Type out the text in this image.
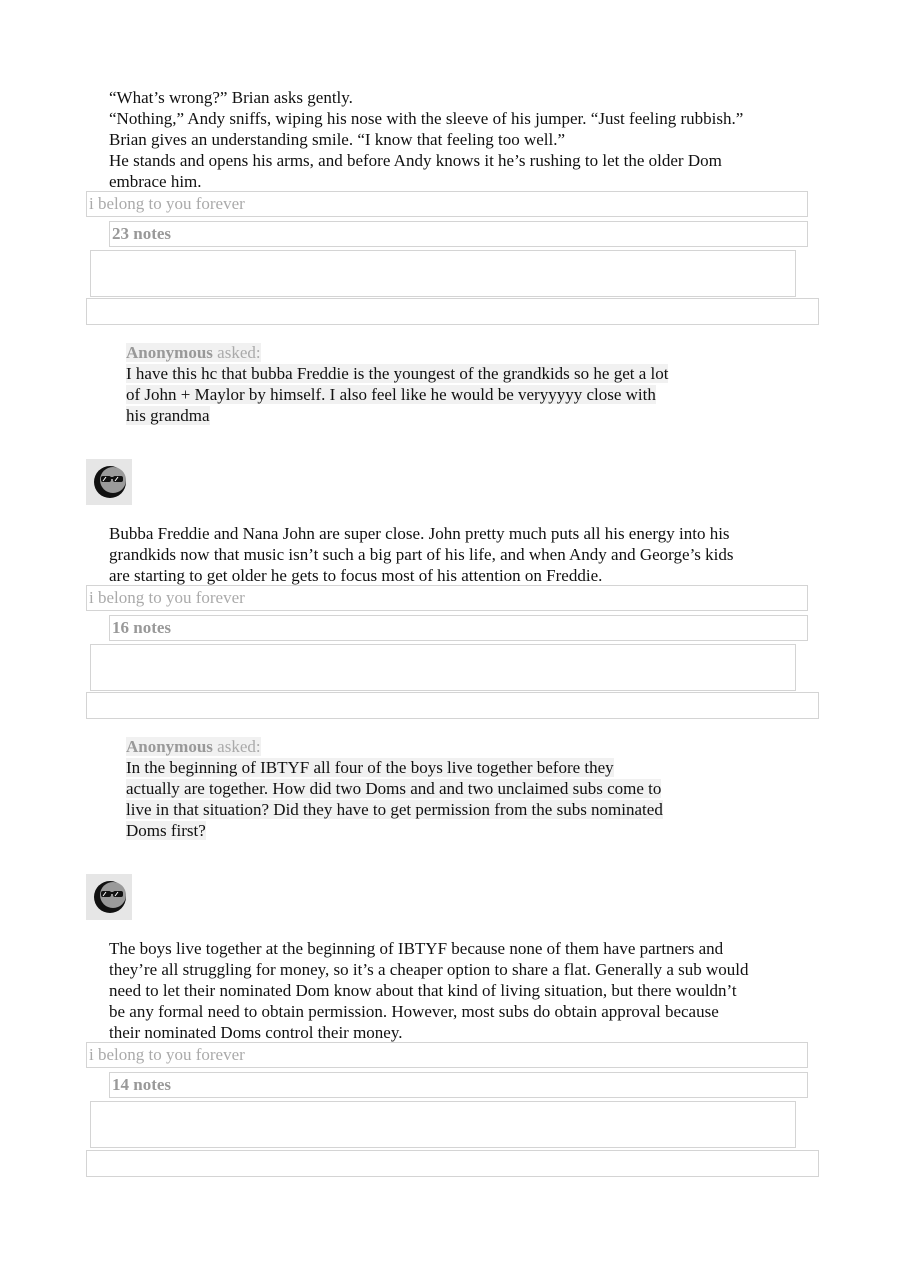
“What’s wrong?” Brian asks gently.

“Nothing,” Andy sniffs, wiping his nose with the sleeve of his jumper. “Just feeling rubbish.”

Brian gives an understanding smile. “I know that feeling too well.”

He stands and opens his arms, and before Andy knows it he’s rushing to let the older Dom

embrace him.

i belong to you forever
23 notes
Anonymous asked:
I have this hc that bubba Freddie is the youngest of the grandkids so he get a lot
of John + Maylor by himself. I also feel like he would be veryyyyy close with
his grandma

Bubba Freddie and Nana John are super close. John pretty much puts all his energy into his

grandkids now that music isn’t such a big part of his life, and when Andy and George’s kids

are starting to get older he gets to focus most of his attention on Freddie.

i belong to you forever
16 notes
Anonymous asked:
In the beginning of IBTYF all four of the boys live together before they
actually are together. How did two Doms and and two unclaimed subs come to
live in that situation? Did they have to get permission from the subs nominated
Doms first?

The boys live together at the beginning of IBTYF because none of them have partners and

they’re all struggling for money, so it’s a cheaper option to share a flat. Generally a sub would

need to let their nominated Dom know about that kind of living situation, but there wouldn’t

be any formal need to obtain permission. However, most subs do obtain approval because

their nominated Doms control their money.

i belong to you forever
14 notes
